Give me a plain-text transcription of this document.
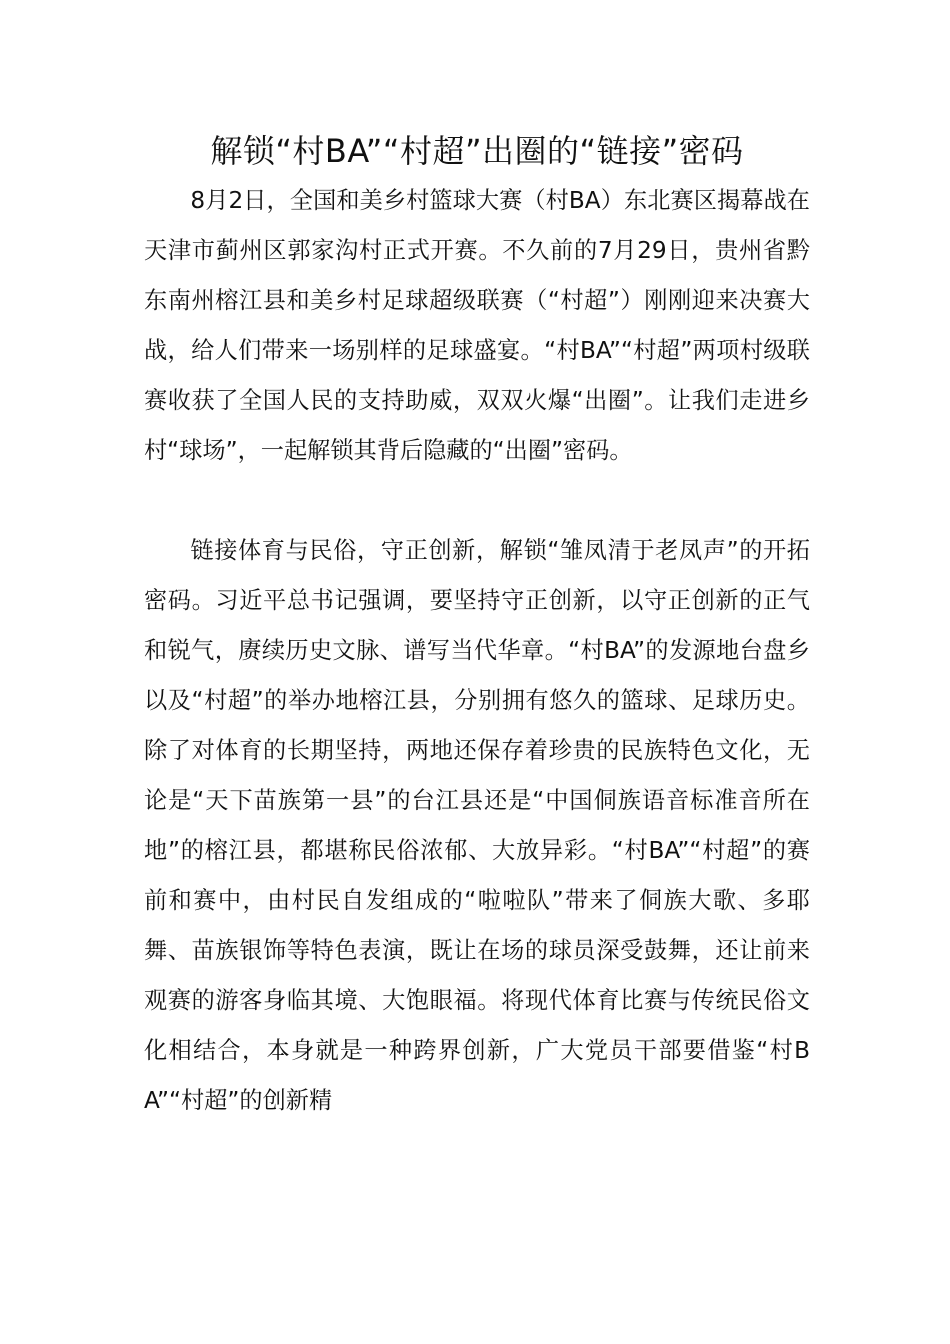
解锁“村BA”“村超”出圈的“链接”密码

8月2日，全国和美乡村篮球大赛（村BA）东北赛区揭幕战在天津市蓟州区郭家沟村正式开赛。不久前的7月29日，贵州省黔东南州榕江县和美乡村足球超级联赛（“村超”）刚刚迎来决赛大战，给人们带来一场别样的足球盛宴。“村BA”“村超”两项村级联赛收获了全国人民的支持助威，双双火爆“出圈”。让我们走进乡村“球场”，一起解锁其背后隐藏的“出圈”密码。

链接体育与民俗，守正创新，解锁“雏凤清于老凤声”的开拓密码。习近平总书记强调，要坚持守正创新，以守正创新的正气和锐气，赓续历史文脉、谱写当代华章。“村BA”的发源地台盘乡以及“村超”的举办地榕江县，分别拥有悠久的篮球、足球历史。除了对体育的长期坚持，两地还保存着珍贵的民族特色文化，无论是“天下苗族第一县”的台江县还是“中国侗族语音标准音所在地”的榕江县，都堪称民俗浓郁、大放异彩。“村BA”“村超”的赛前和赛中，由村民自发组成的“啦啦队”带来了侗族大歌、多耶舞、苗族银饰等特色表演，既让在场的球员深受鼓舞，还让前来观赛的游客身临其境、大饱眼福。将现代体育比赛与传统民俗文化相结合，本身就是一种跨界创新，广大党员干部要借鉴“村BA”“村超”的创新精
